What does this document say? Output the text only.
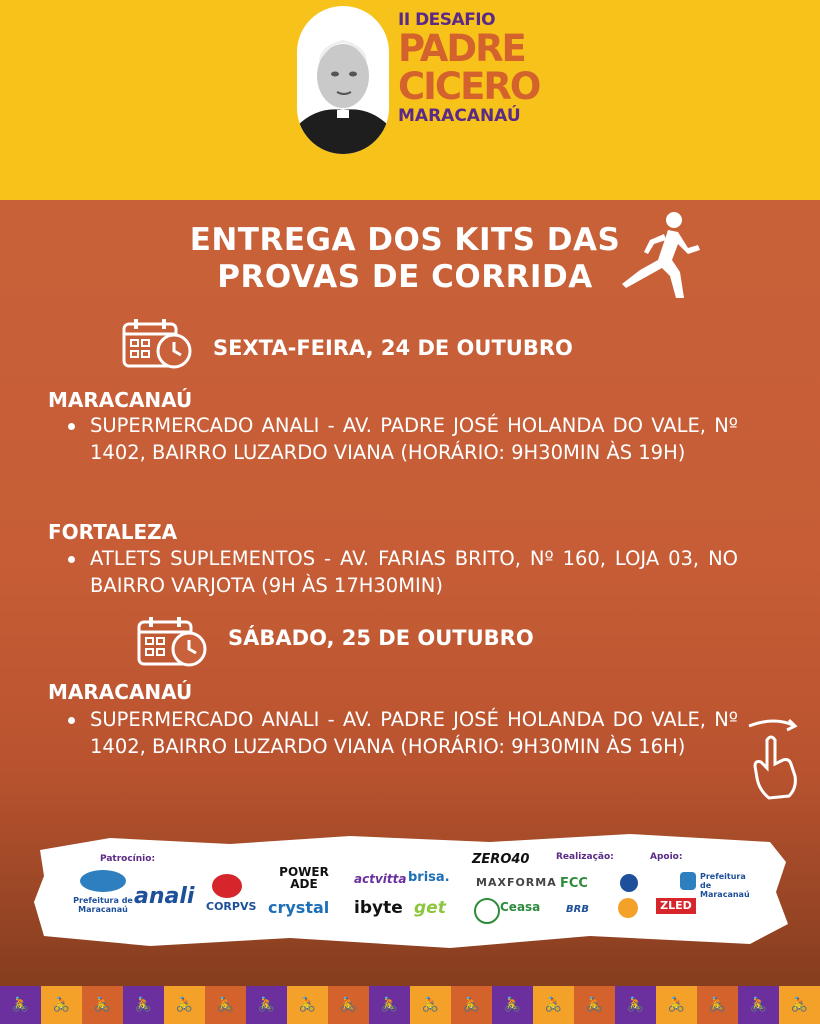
II DESAFIO
PADRE
CICERO
MARACANAÚ
ENTREGA DOS KITS DAS
PROVAS DE CORRIDA
SEXTA-FEIRA, 24 DE OUTUBRO
MARACANAÚ
SUPERMERCADO ANALI - AV. PADRE JOSÉ HOLANDA DO VALE, Nº 1402, BAIRRO LUZARDO VIANA (HORÁRIO: 9H30MIN ÀS 19H)
FORTALEZA
ATLETS SUPLEMENTOS - AV. FARIAS BRITO, Nº 160, LOJA 03, NO BAIRRO VARJOTA (9H ÀS 17H30MIN)
SÁBADO, 25 DE OUTUBRO
MARACANAÚ
SUPERMERCADO ANALI - AV. PADRE JOSÉ HOLANDA DO VALE, Nº 1402, BAIRRO LUZARDO VIANA (HORÁRIO: 9H30MIN ÀS 16H)
Patrocínio:	Realização:	Apoio:
Prefeitura de Maracanaú
anali CORPVS
POWER ADE
crystal
actvitta
ibyte
brisa.
get
ZERO40
MAXFORMA
Ceasa
FCC
BRB
Prefeitura de Maracanaú
ZLED
🚴	🚴	🚴	🚴	🚴	🚴	🚴	🚴	🚴	🚴	🚴	🚴	🚴	🚴	🚴	🚴	🚴	🚴	🚴	🚴
